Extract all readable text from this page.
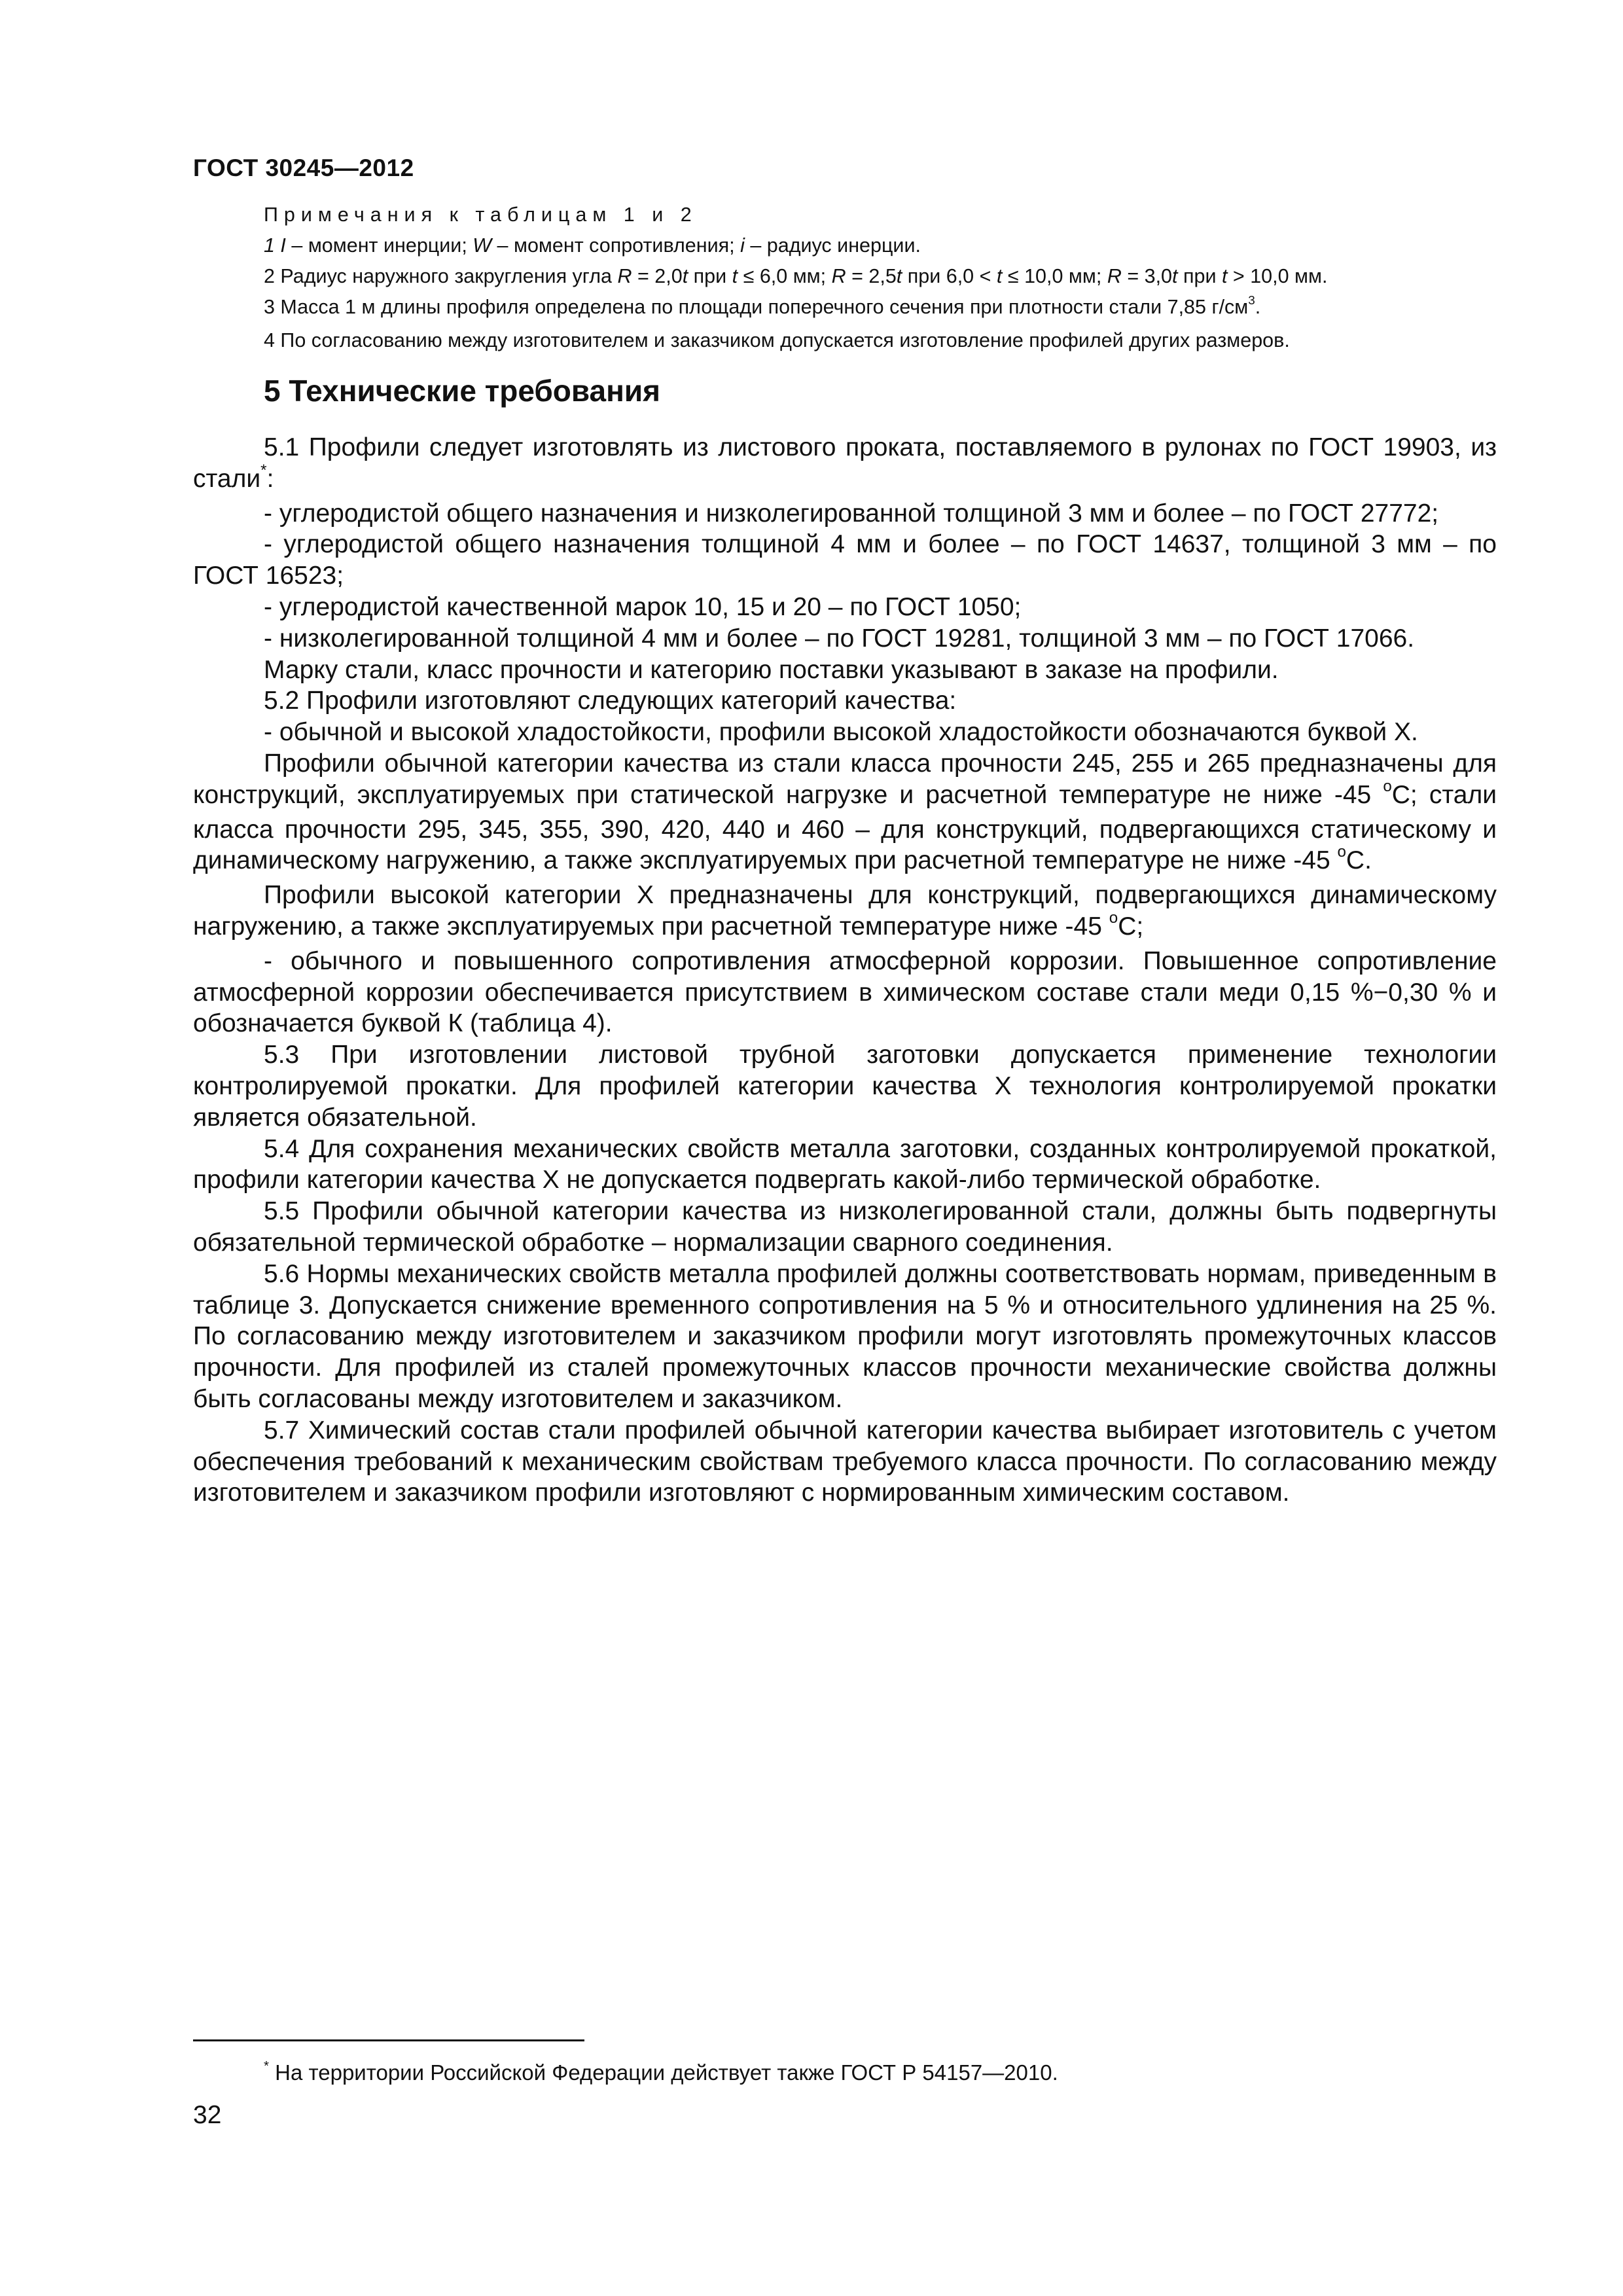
ГОСТ 30245—2012
Примечания к таблицам 1 и 2
1 I – момент инерции; W – момент сопротивления; i – радиус инерции.
2 Радиус наружного закругления угла R = 2,0t при t ≤ 6,0 мм; R = 2,5t при 6,0 < t ≤ 10,0 мм; R = 3,0t при t > 10,0 мм.
3 Масса 1 м длины профиля определена по площади поперечного сечения при плотности стали 7,85 $г/см^3$.
4 По согласованию между изготовителем и заказчиком допускается изготовление профилей других размеров.
5 Технические требования

5.1 Профили следует изготовлять из листового проката, поставляемого в рулонах по ГОСТ 19903, из стали*:

- углеродистой общего назначения и низколегированной толщиной 3 мм и более – по ГОСТ 27772;

- углеродистой общего назначения толщиной 4 мм и более – по ГОСТ 14637, толщиной 3 мм – по ГОСТ 16523;

- углеродистой качественной марок 10, 15 и 20 – по ГОСТ 1050;

- низколегированной толщиной 4 мм и более – по ГОСТ 19281, толщиной 3 мм – по ГОСТ 17066.

Марку стали, класс прочности и категорию поставки указывают в заказе на профили.

5.2 Профили изготовляют следующих категорий качества:

- обычной и высокой хладостойкости, профили высокой хладостойкости обозначаются буквой Х.

Профили обычной категории качества из стали класса прочности 245, 255 и 265 предназначены для конструкций, эксплуатируемых при статической нагрузке и расчетной температуре не ниже -45 $^o$С; стали класса прочности 295, 345, 355, 390, 420, 440 и 460 – для конструкций, подвергающихся статическому и динамическому нагружению, а также эксплуатируемых при расчетной температуре не ниже -45 $^o$С.

Профили высокой категории Х предназначены для конструкций, подвергающихся динамическому нагружению, а также эксплуатируемых при расчетной температуре ниже -45 $^o$С;

- обычного и повышенного сопротивления атмосферной коррозии. Повышенное сопротивление атмосферной коррозии обеспечивается присутствием в химическом составе стали меди 0,15 %−0,30 % и обозначается буквой К (таблица 4).

5.3 При изготовлении листовой трубной заготовки допускается применение технологии контролируемой прокатки. Для профилей категории качества Х технология контролируемой прокатки является обязательной.

5.4 Для сохранения механических свойств металла заготовки, созданных контролируемой прокаткой, профили категории качества Х не допускается подвергать какой-либо термической обработке.

5.5 Профили обычной категории качества из низколегированной стали, должны быть подвергнуты обязательной термической обработке – нормализации сварного соединения.

5.6 Нормы механических свойств металла профилей должны соответствовать нормам, приведенным в таблице 3. Допускается снижение временного сопротивления на 5 % и относительного удлинения на 25 %. По согласованию между изготовителем и заказчиком профили могут изготовлять промежуточных классов прочности. Для профилей из сталей промежуточных классов прочности механические свойства должны быть согласованы между изготовителем и заказчиком.

5.7 Химический состав стали профилей обычной категории качества выбирает изготовитель с учетом обеспечения требований к механическим свойствам требуемого класса прочности. По согласованию между изготовителем и заказчиком профили изготовляют с нормированным химическим составом.

* На территории Российской Федерации действует также ГОСТ Р 54157—2010.
32
